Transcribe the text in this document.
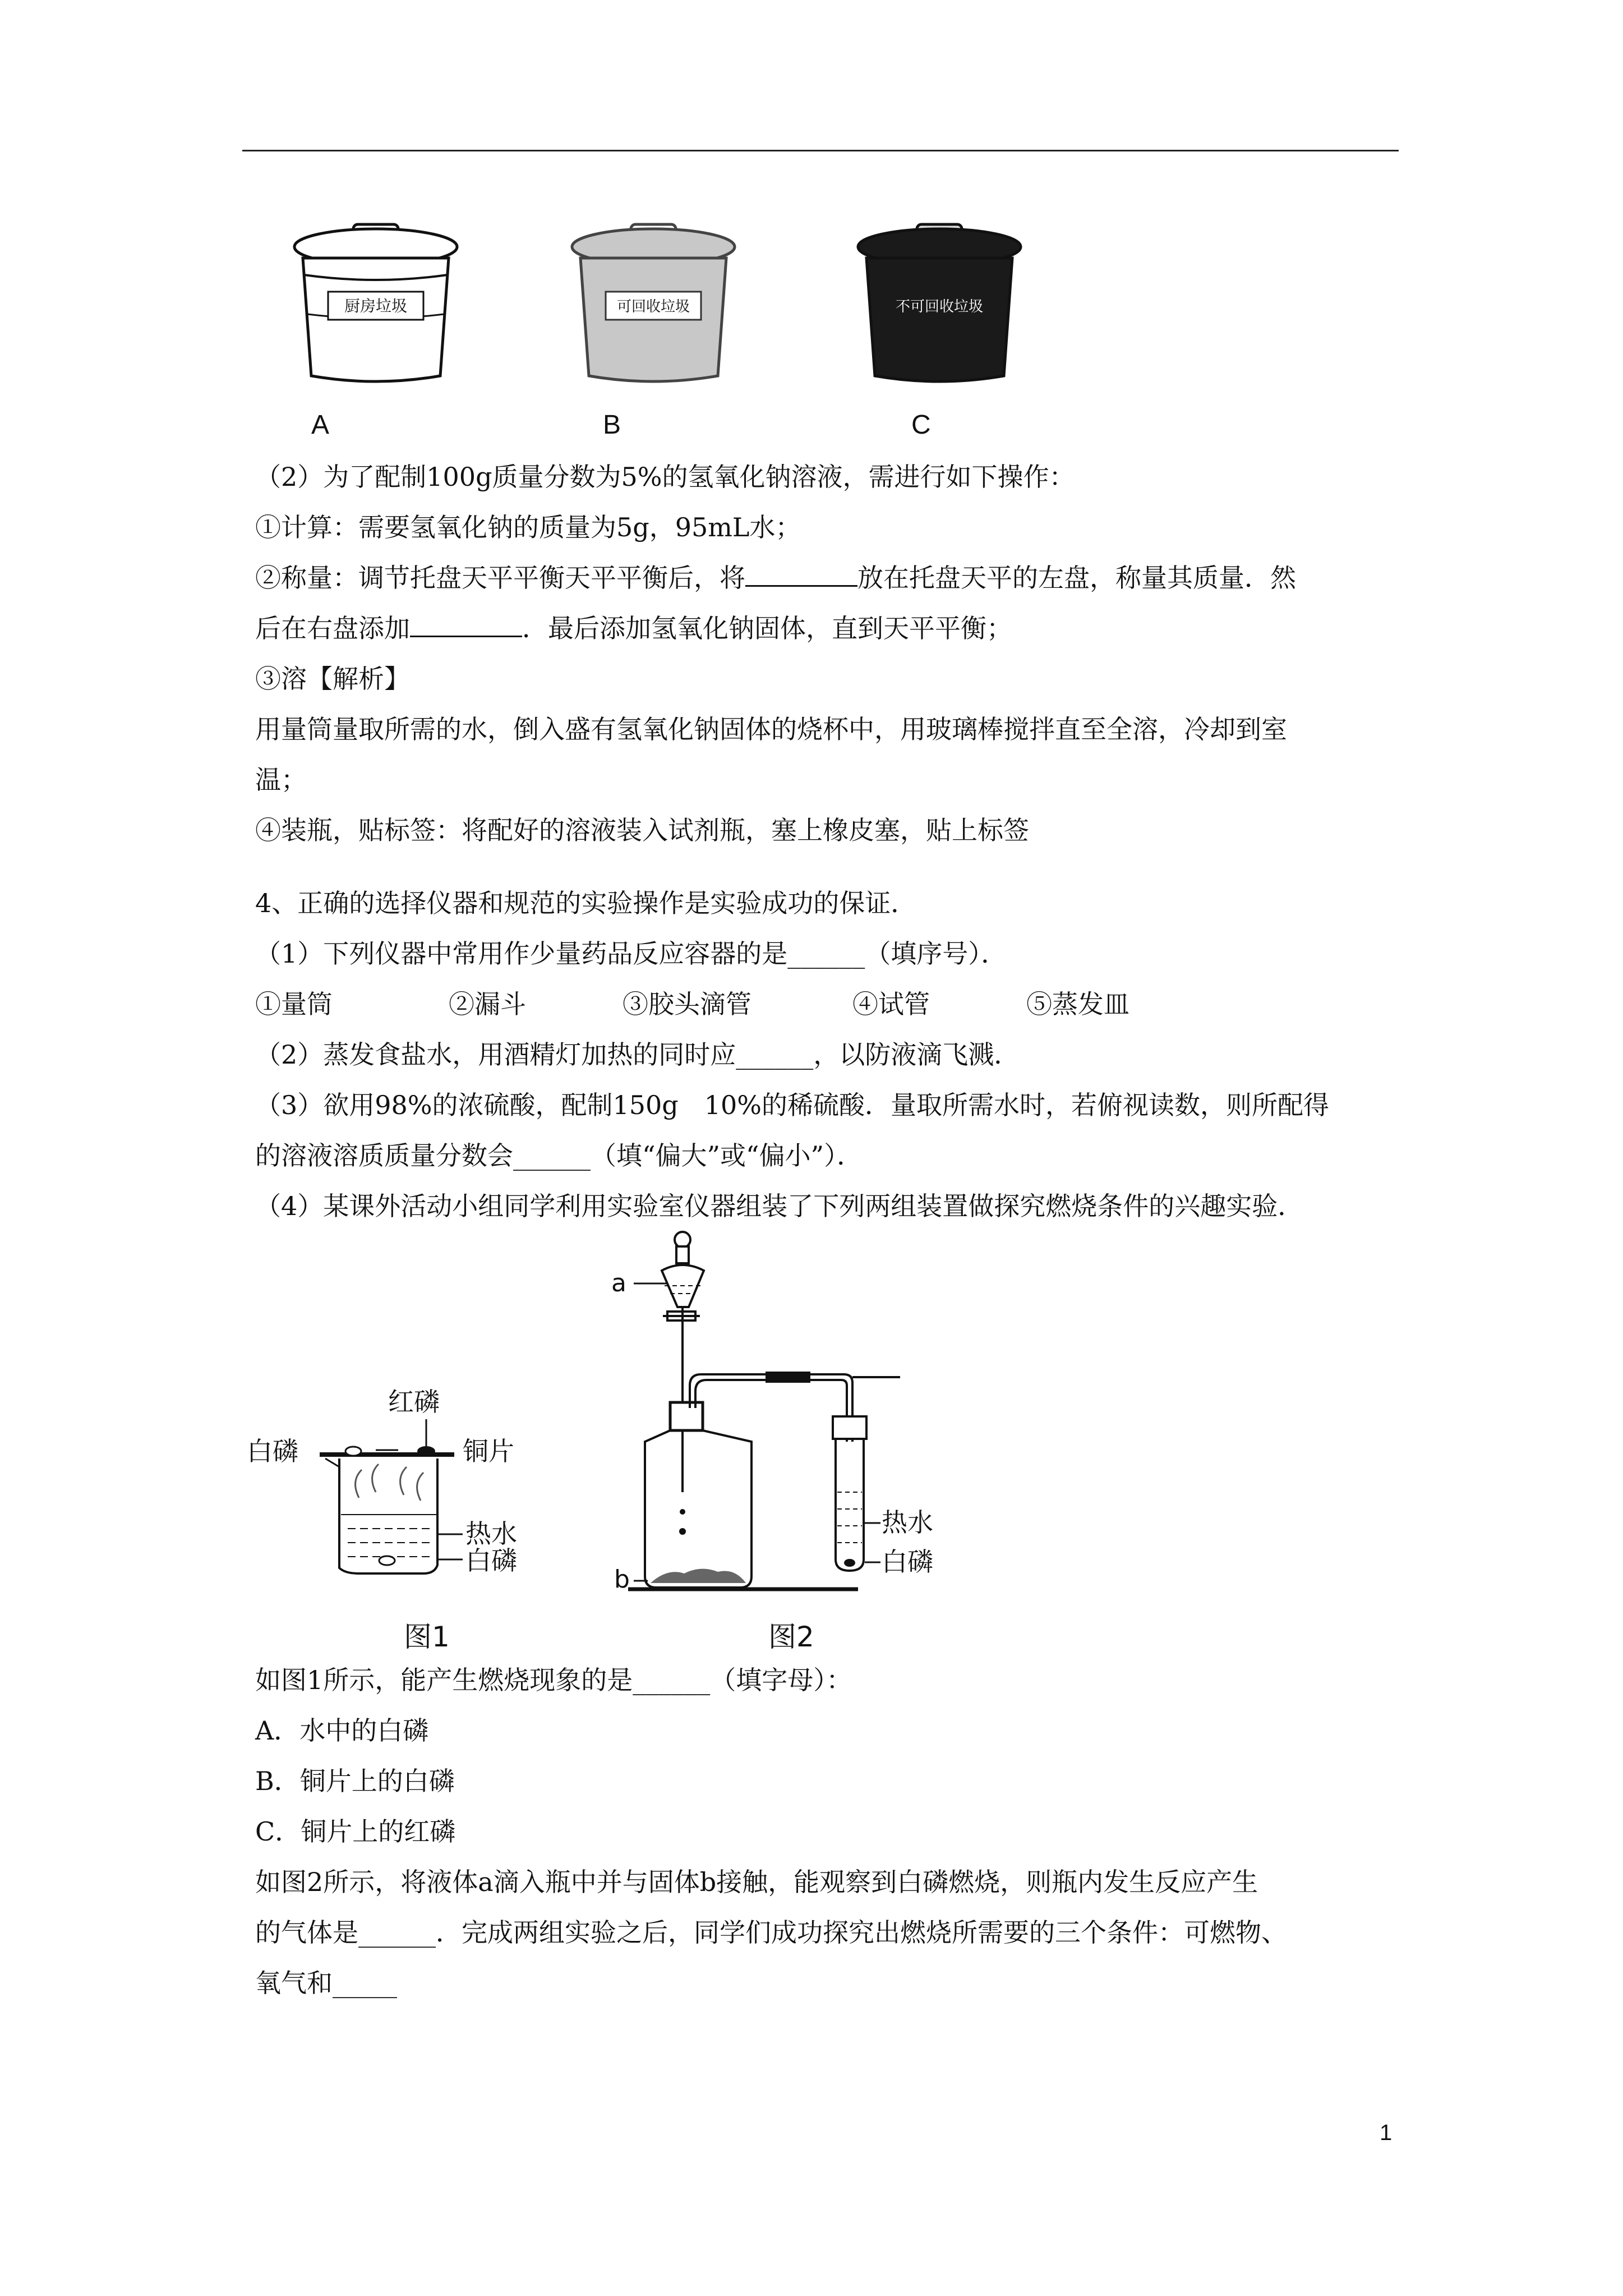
厨房垃圾	可回收垃圾	不可回收垃圾
A	B	C
（2）为了配制100g质量分数为5%的氢氧化钠溶液，需进行如下操作：
①计算：需要氢氧化钠的质量为5g，95mL水；
②称量：调节托盘天平平衡天平平衡后，将	放在托盘天平的左盘，称量其质量．然
后在右盘添加	．最后添加氢氧化钠固体，直到天平平衡；
③溶【解析】
用量筒量取所需的水，倒入盛有氢氧化钠固体的烧杯中，用玻璃棒搅拌直至全溶，冷却到室
温；
④装瓶，贴标签：将配好的溶液装入试剂瓶，塞上橡皮塞，贴上标签
4、正确的选择仪器和规范的实验操作是实验成功的保证．
（1）下列仪器中常用作少量药品反应容器的是______（填序号）．
①量筒	②漏斗	③胶头滴管	④试管	⑤蒸发皿
（2）蒸发食盐水，用酒精灯加热的同时应______，以防液滴飞溅．
（3）欲用98%的浓硫酸，配制150g　10%的稀硫酸．量取所需水时，若俯视读数，则所配得
的溶液溶质质量分数会______（填“偏大”或“偏小”）．
（4）某课外活动小组同学利用实验室仪器组装了下列两组装置做探究燃烧条件的兴趣实验．
红磷
白磷	铜片
热水
白磷
图1
a
b
热水
白磷
图2
如图1所示，能产生燃烧现象的是______（填字母）：
A．水中的白磷
B．铜片上的白磷
C．铜片上的红磷
如图2所示，将液体a滴入瓶中并与固体b接触，能观察到白磷燃烧，则瓶内发生反应产生
的气体是______．完成两组实验之后，同学们成功探究出燃烧所需要的三个条件：可燃物、
氧气和_____
1
